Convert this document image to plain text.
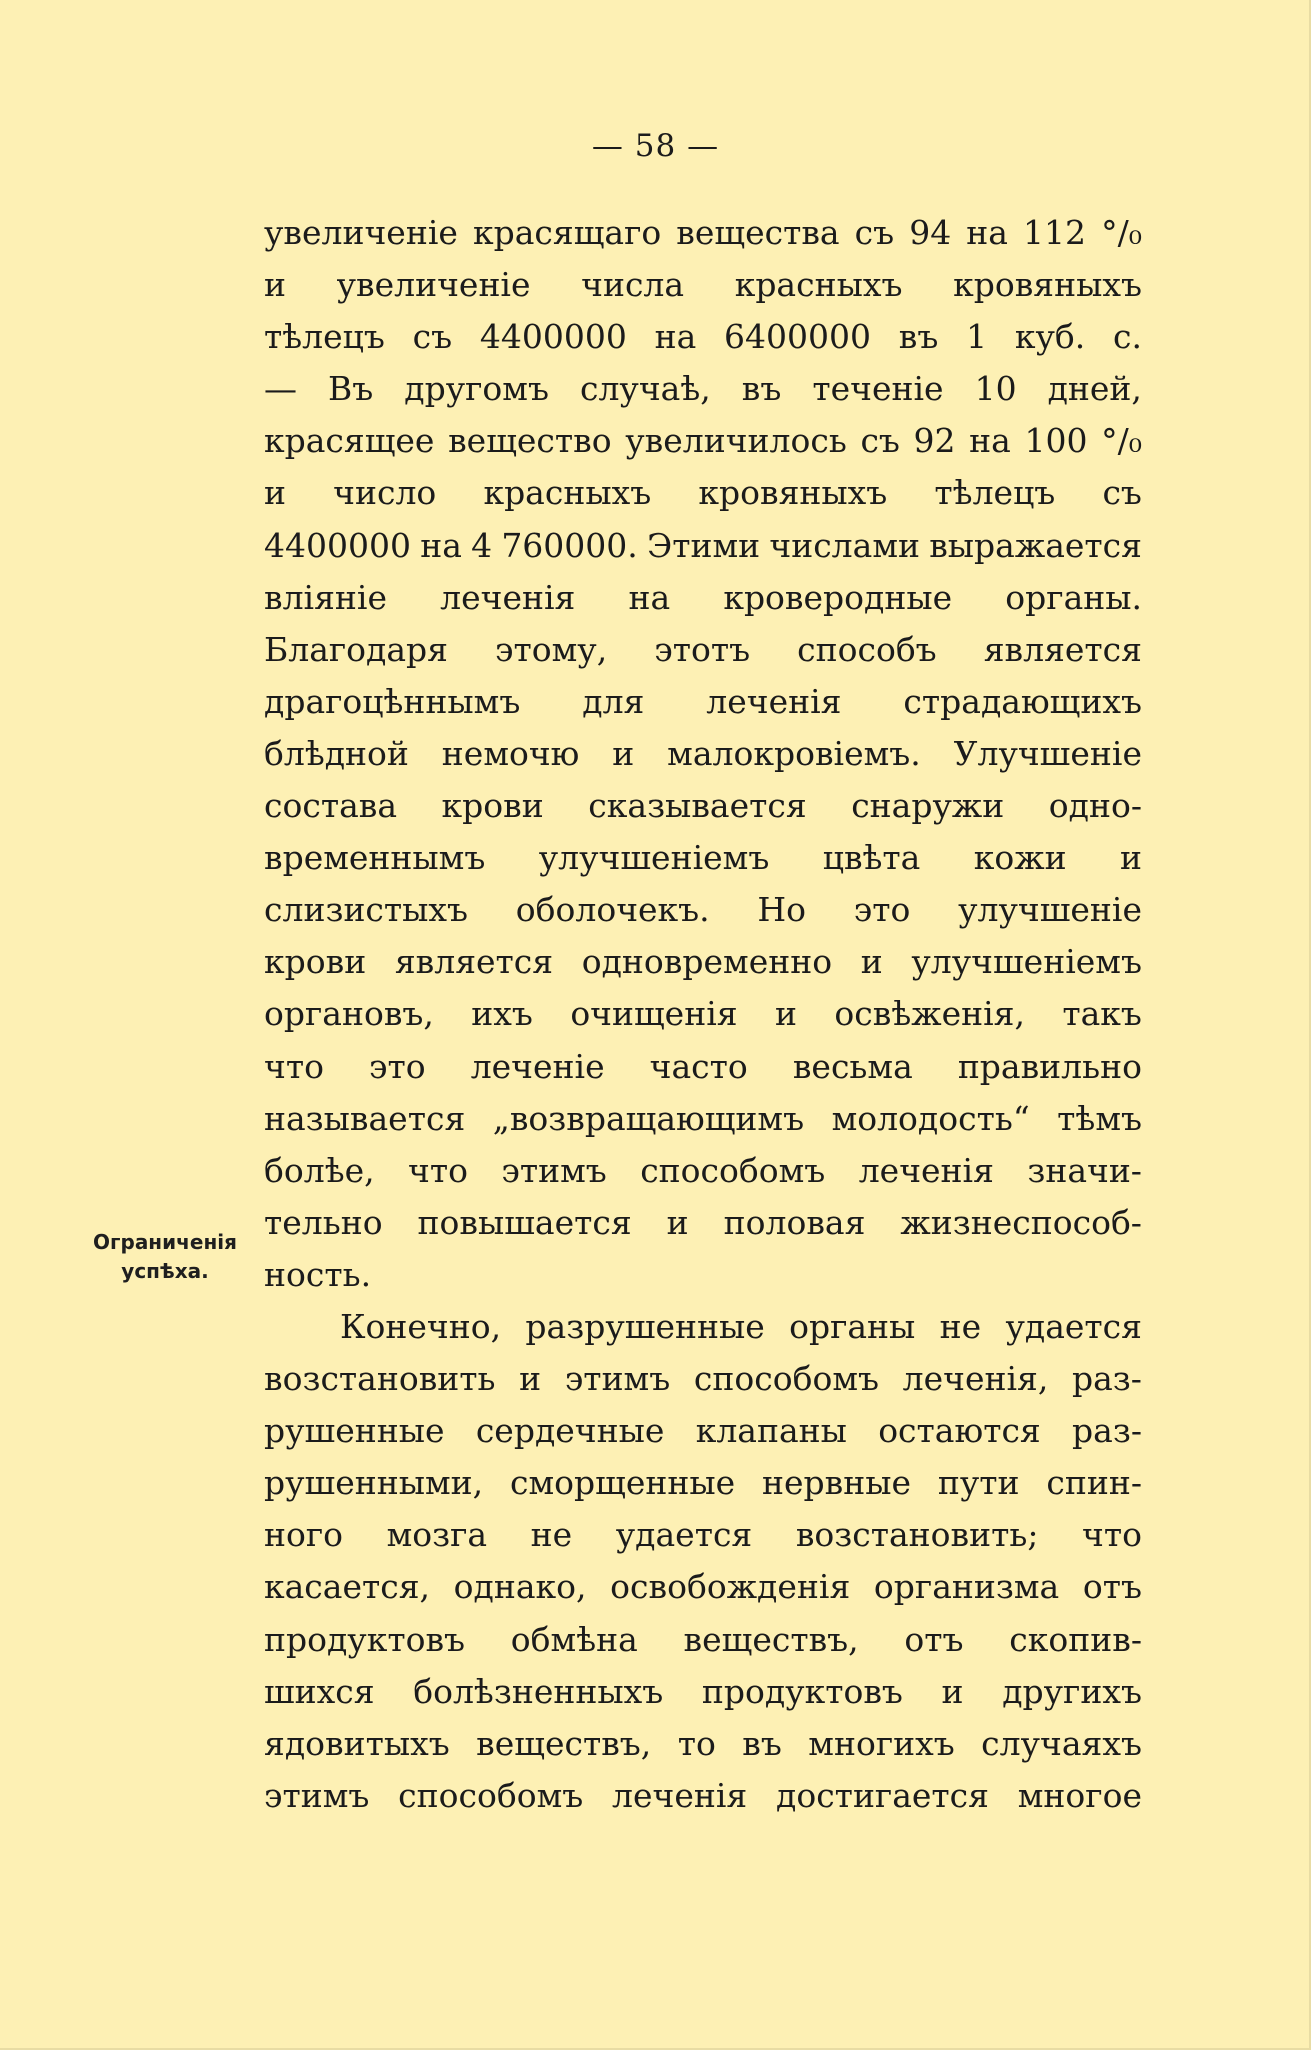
— 58 —
увеличеніе красящаго вещества съ 94 на 112 °/₀
и увеличеніе числа красныхъ кровяныхъ
тѣлецъ съ 4400000 на 6400000 въ 1 куб. с.
— Въ другомъ случаѣ, въ теченіе 10 дней,
красящее вещество увеличилось съ 92 на 100 °/₀
и число красныхъ кровяныхъ тѣлецъ съ
4400000 на 4 760000. Этими числами выражается
вліяніе леченія на кроверодные органы.
Благодаря этому, этотъ способъ является
драгоцѣннымъ для леченія страдающихъ
блѣдной немочю и малокровіемъ. Улучшеніе
состава крови сказывается снаружи одно-
временнымъ улучшеніемъ цвѣта кожи и
слизистыхъ оболочекъ. Но это улучшеніе
крови является одновременно и улучшеніемъ
органовъ, ихъ очищенія и освѣженія, такъ
что это леченіе часто весьма правильно
называется „возвращающимъ молодость“ тѣмъ
болѣе, что этимъ способомъ леченія значи-
тельно повышается и половая жизнеспособ-
ность.
Конечно, разрушенные органы не удается
возстановить и этимъ способомъ леченія, раз-
рушенные сердечные клапаны остаются раз-
рушенными, сморщенные нервные пути спин-
ного мозга не удается возстановить; что
касается, однако, освобожденія организма отъ
продуктовъ обмѣна веществъ, отъ скопив-
шихся болѣзненныхъ продуктовъ и другихъ
ядовитыхъ веществъ, то въ многихъ случаяхъ
этимъ способомъ леченія достигается многое
Ограниченія
успѣха.
